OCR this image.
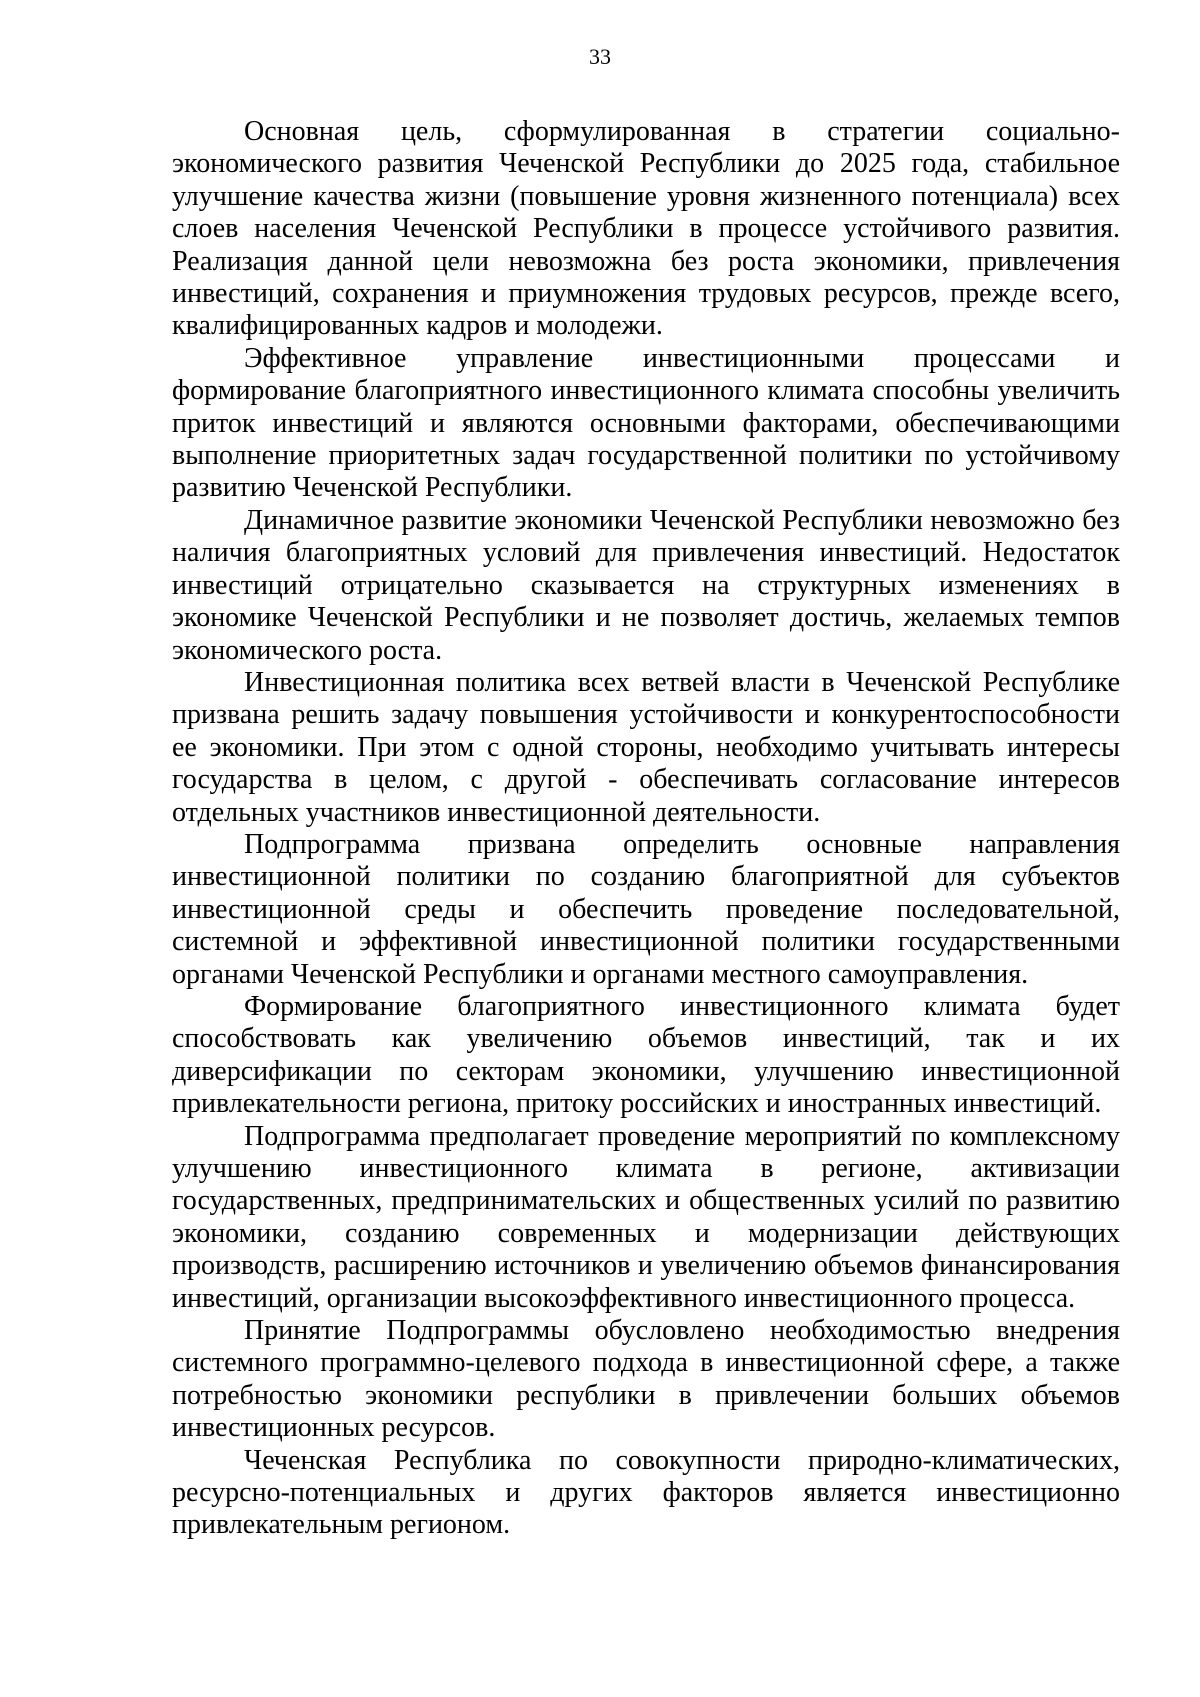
33

Основная цель, сформулированная в стратегии социально-экономического развития Чеченской Республики до 2025 года, стабильное улучшение качества жизни (повышение уровня жизненного потенциала) всех слоев населения Чеченской Республики в процессе устойчивого развития. Реализация данной цели невозможна без роста экономики, привлечения инвестиций, сохранения и приумножения трудовых ресурсов, прежде всего, квалифицированных кадров и молодежи.

Эффективное управление инвестиционными процессами и формирование благоприятного инвестиционного климата способны увеличить приток инвестиций и являются основными факторами, обеспечивающими выполнение приоритетных задач государственной политики по устойчивому развитию Чеченской Республики.

Динамичное развитие экономики Чеченской Республики невозможно без наличия благоприятных условий для привлечения инвестиций. Недостаток инвестиций отрицательно сказывается на структурных изменениях в экономике Чеченской Республики и не позволяет достичь, желаемых темпов экономического роста.

Инвестиционная политика всех ветвей власти в Чеченской Республике призвана решить задачу повышения устойчивости и конкурентоспособности ее экономики. При этом с одной стороны, необходимо учитывать интересы государства в целом, с другой - обеспечивать согласование интересов отдельных участников инвестиционной деятельности.

Подпрограмма призвана определить основные направления инвестиционной политики по созданию благоприятной для субъектов инвестиционной среды и обеспечить проведение последовательной, системной и эффективной инвестиционной политики государственными органами Чеченской Республики и органами местного самоуправления.

Формирование благоприятного инвестиционного климата будет способствовать как увеличению объемов инвестиций, так и их диверсификации по секторам экономики, улучшению инвестиционной привлекательности региона, притоку российских и иностранных инвестиций.

Подпрограмма предполагает проведение мероприятий по комплексному улучшению инвестиционного климата в регионе, активизации государственных, предпринимательских и общественных усилий по развитию экономики, созданию современных и модернизации действующих производств, расширению источников и увеличению объемов финансирования инвестиций, организации высокоэффективного инвестиционного процесса.

Принятие Подпрограммы обусловлено необходимостью внедрения системного программно-целевого подхода в инвестиционной сфере, а также потребностью экономики республики в привлечении больших объемов инвестиционных ресурсов.

Чеченская Республика по совокупности природно-климатических, ресурсно-потенциальных и других факторов является инвестиционно привлекательным регионом.
